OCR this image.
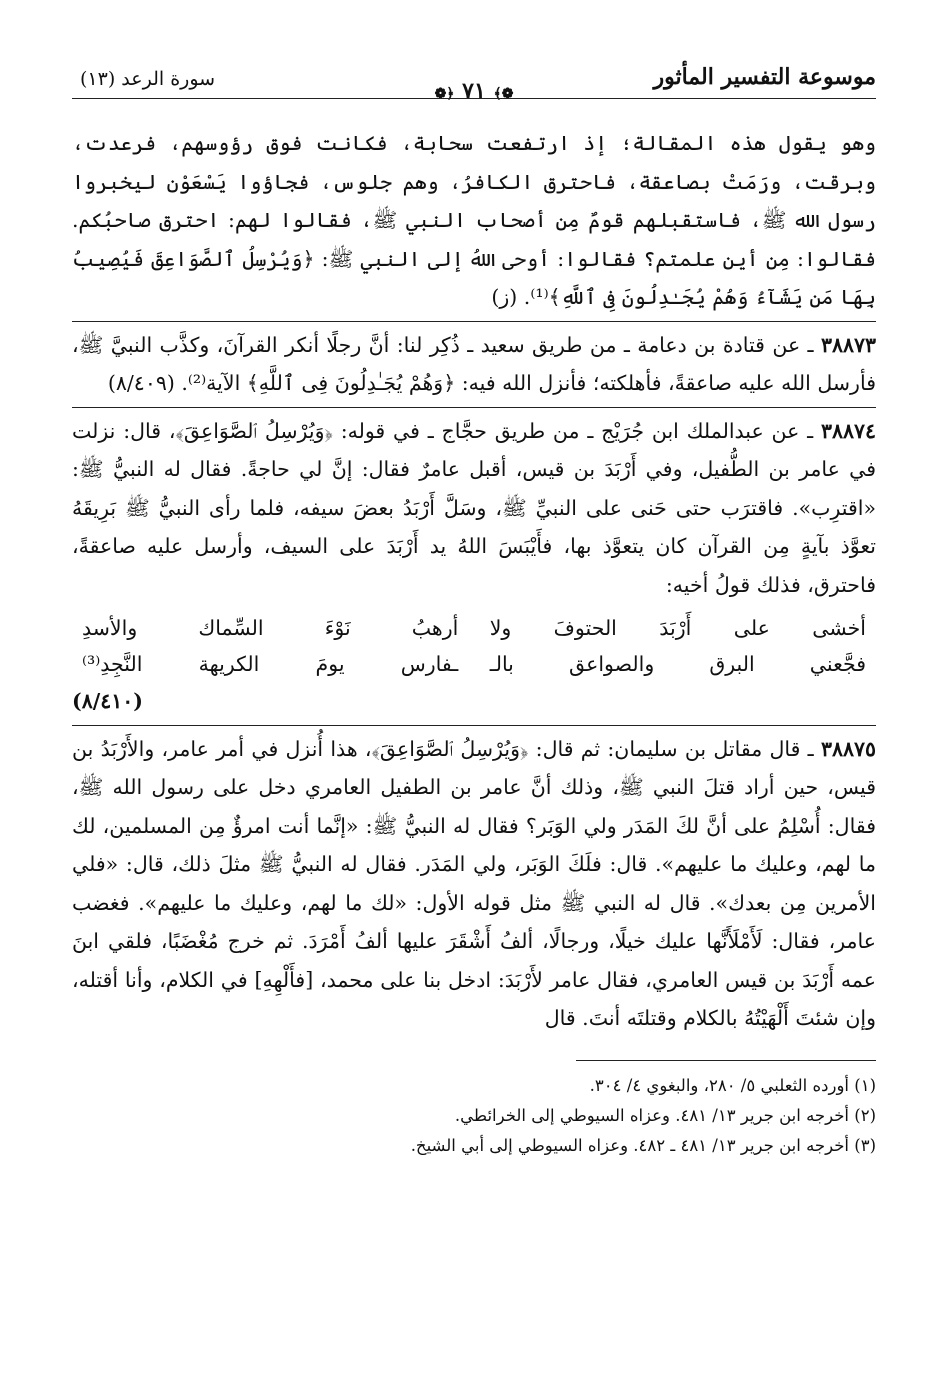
موسوعة التفسير المأثور
❁﴾ ٧١ ﴿❁
سورة الرعد (١٣)

وهو يقول هذه المقالة؛ إذ ارتفعت سحابة، فكانت فوق رؤوسهم، فرعدت، وبرقت، ورَمَتْ بصاعقة، فاحترق الكافرُ، وهم جلوس، فجاؤوا يَسْعَوْن ليخبروا رسول الله ﷺ، فاستقبلهم قومٌ مِن أصحاب النبي ﷺ، فقالوا لهم: احترق صاحبُكم. فقالوا: مِن أين علمتم؟ فقالوا: أوحى اللهُ إلى النبي ﷺ: ﴿وَيُرْسِلُ ٱلصَّوَاعِقَ فَيُصِيبُ بِهَا مَن يَشَآءُ وَهُمْ يُجَـٰدِلُونَ فِى ٱللَّهِ﴾⁽¹⁾. (ز)

٣٨٨٧٣ ـ عن قتادة بن دعامة ـ من طريق سعيد ـ ذُكِر لنا: أنَّ رجلًا أنكر القرآنَ، وكذَّب النبيَّ ﷺ، فأرسل الله عليه صاعقةً، فأهلكته؛ فأنزل الله فيه: ﴿وَهُمْ يُجَـٰدِلُونَ فِى ٱللَّهِ﴾ الآية⁽²⁾. (٨/٤٠٩)

٣٨٨٧٤ ـ عن عبدالملك ابن جُرَيْج ـ من طريق حجَّاج ـ في قوله: ﴿وَيُرْسِلُ ٱلصَّوَاعِقَ﴾، قال: نزلت في عامر بن الطُّفيل، وفي أَرْبَدَ بن قيس، أقبل عامرٌ فقال: إنَّ لي حاجةً. فقال له النبيُّ ﷺ: «اقترِب». فاقترَب حتى حَنى على النبيِّ ﷺ، وسَلَّ أَرْبَدُ بعضَ سيفه، فلما رأى النبيُّ ﷺ بَرِيقَهُ تعوَّذ بآيةٍ مِن القرآن كان يتعوَّذ بها، فأَيْبَسَ اللهُ يد أَرْبَدَ على السيف، وأرسل عليه صاعقةً، فاحترق، فذلك قولُ أخيه:

أخشى على أَرْبَدَ الحتوفَ ولا
أرهبُ نَوْءَ السِّماك والأسدِ
فجَّعني البرق والصواعق بالـ
ـفارس يومَ الكريهة النَّجِدِ⁽³⁾
(٨/٤١٠)

٣٨٨٧٥ ـ قال مقاتل بن سليمان: ثم قال: ﴿وَيُرْسِلُ ٱلصَّوَاعِقَ﴾، هذا أُنزل في أمر عامر، والأَرْبَدُ بن قيس، حين أراد قتلَ النبي ﷺ، وذلك أنَّ عامر بن الطفيل العامري دخل على رسول الله ﷺ، فقال: أُسْلِمُ على أنَّ لكَ المَدَر ولي الوَبَر؟ فقال له النبيُّ ﷺ: «إنَّما أنت امرؤٌ مِن المسلمين، لك ما لهم، وعليك ما عليهم». قال: فلَكَ الوَبَر، ولي المَدَر. فقال له النبيُّ ﷺ مثلَ ذلك، قال: «فلي الأمرين مِن بعدك». قال له النبي ﷺ مثل قوله الأول: «لك ما لهم، وعليك ما عليهم». فغضب عامر، فقال: لَأَمْلَأَنَّها عليك خيلًا، ورجالًا، ألفُ أَشْقَرَ عليها ألفُ أَمْرَدَ. ثم خرج مُغْضَبًا، فلقي ابنَ عمه أَرْبَدَ بن قيس العامري، فقال عامر لأَرْبَدَ: ادخل بنا على محمد، [فأَلْهِهِ] في الكلام، وأنا أقتله، وإن شئتَ أَلْهَيْتُهُ بالكلام وقتلتَه أنتَ. قال

(١) أورده الثعلبي ٥/ ٢٨٠، والبغوي ٤/ ٣٠٤.

(٢) أخرجه ابن جرير ١٣/ ٤٨١. وعزاه السيوطي إلى الخرائطي.

(٣) أخرجه ابن جرير ١٣/ ٤٨١ ـ ٤٨٢. وعزاه السيوطي إلى أبي الشيخ.
